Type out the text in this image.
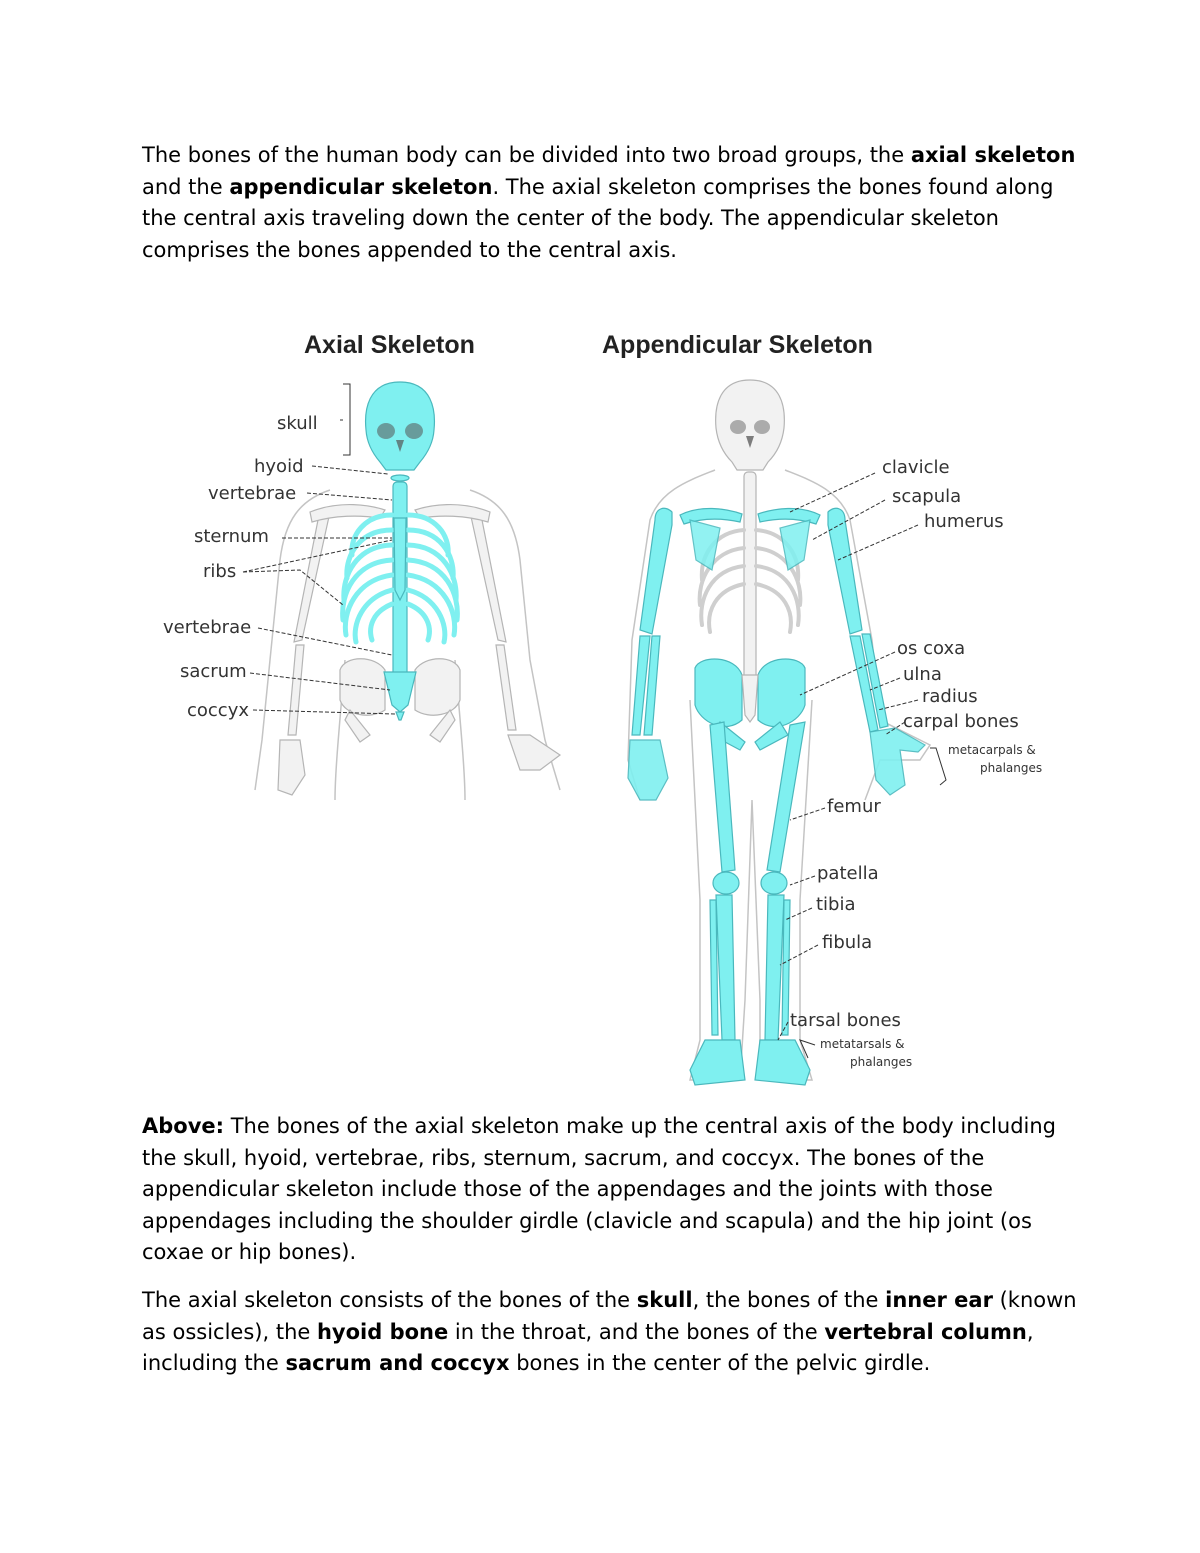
The bones of the human body can be divided into two broad groups, the axial skeleton and the appendicular skeleton. The axial skeleton comprises the bones found along the central axis traveling down the center of the body. The appendicular skeleton comprises the bones appended to the central axis.

Axial Skeleton	Appendicular Skeleton
skull
hyoid
vertebrae
sternum
ribs
vertebrae
sacrum
coccyx
clavicle
scapula
humerus
os coxa
ulna
radius
carpal bones
metacarpals &
phalanges
femur
patella
tibia
fibula
tarsal bones
metatarsals &
phalanges

Above: The bones of the axial skeleton make up the central axis of the body including the skull, hyoid, vertebrae, ribs, sternum, sacrum, and coccyx. The bones of the appendicular skeleton include those of the appendages and the joints with those appendages including the shoulder girdle (clavicle and scapula) and the hip joint (os coxae or hip bones).

The axial skeleton consists of the bones of the skull, the bones of the inner ear (known as ossicles), the hyoid bone in the throat, and the bones of the vertebral column, including the sacrum and coccyx bones in the center of the pelvic girdle.
